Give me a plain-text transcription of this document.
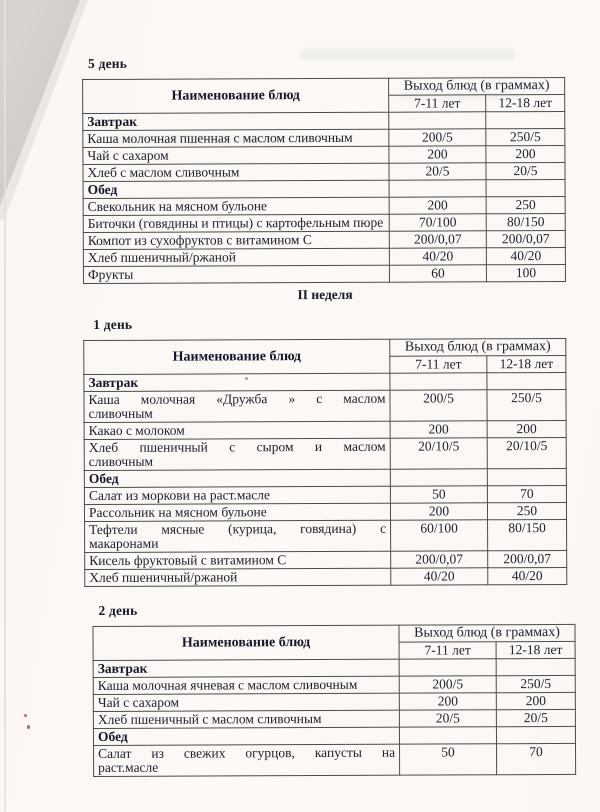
5 день
Наименование блюд	Выход блюд (в граммах)	
	7-11 лет	12-18 лет
Завтрак		
Каша молочная пшенная с маслом сливочным	200/5	250/5
Чай с сахаром	200	200
Хлеб с маслом сливочным	20/5	20/5
Обед		
Свекольник на мясном бульоне	200	250
Биточки (говядины и птицы) с картофельным пюре	70/100	80/150
Компот из сухофруктов с витамином С	200/0,07	200/0,07
Хлеб пшеничный/ржаной	40/20	40/20
Фрукты	60	100
II неделя
1 день
Наименование блюд	Выход блюд (в граммах)	
	7-11 лет	12-18 лет
Завтрак		
Каша молочная «Дружба » с маслом сливочным	200/5	250/5
Какао с молоком	200	200
Хлеб пшеничный с сыром и маслом сливочным	20/10/5	20/10/5
Обед		
Салат из моркови на раст.масле	50	70
Рассольник на мясном бульоне	200	250
Тефтели мясные (курица, говядина) с макаронами	60/100	80/150
Кисель фруктовый с витамином С	200/0,07	200/0,07
Хлеб пшеничный/ржаной	40/20	40/20
2 день
Наименование блюд	Выход блюд (в граммах)	
	7-11 лет	12-18 лет
Завтрак		
Каша молочная ячневая с маслом сливочным	200/5	250/5
Чай с сахаром	200	200
Хлеб пшеничный с маслом сливочным	20/5	20/5
Обед		
Салат из свежих огурцов, капусты на раст.масле	50	70
